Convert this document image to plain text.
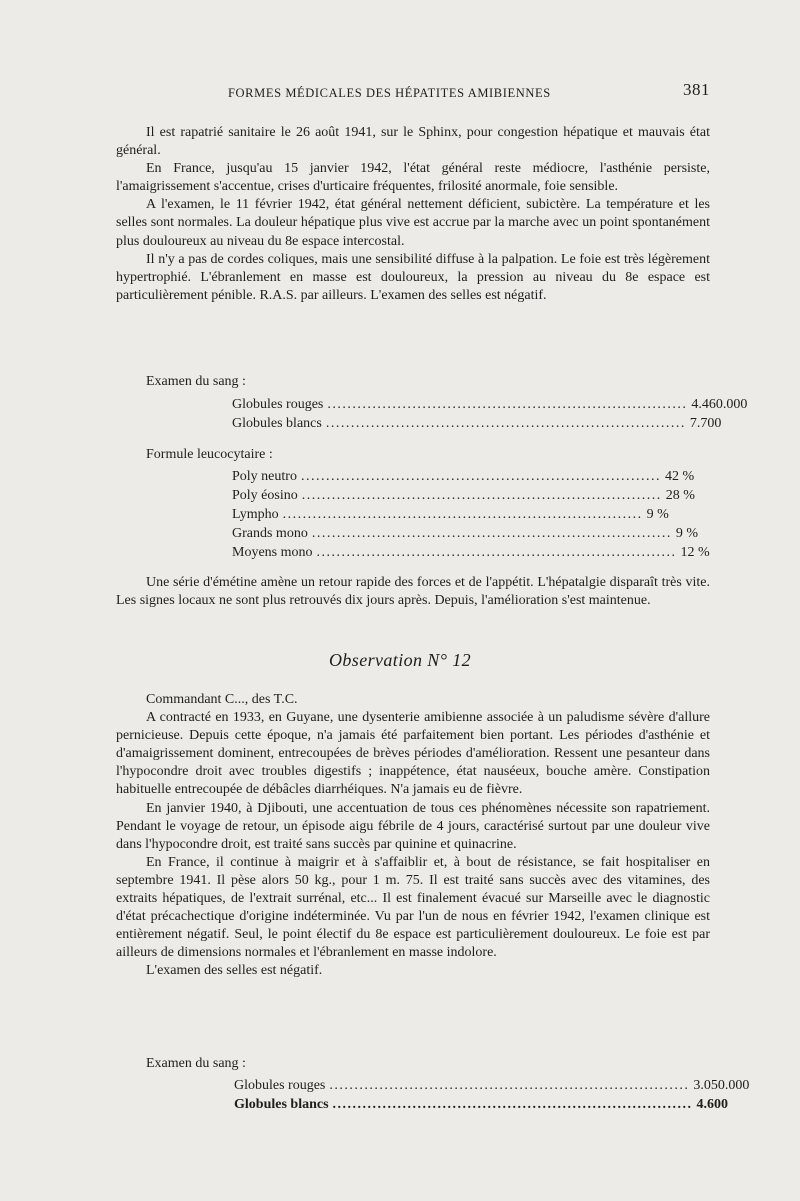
FORMES MÉDICALES DES HÉPATITES AMIBIENNES	381

Il est rapatrié sanitaire le 26 août 1941, sur le Sphinx, pour congestion hépatique et mauvais état général.

En France, jusqu'au 15 janvier 1942, l'état général reste médiocre, l'asthénie persiste, l'amaigrissement s'accentue, crises d'urticaire fréquentes, frilosité anormale, foie sensible.

A l'examen, le 11 février 1942, état général nettement déficient, subictère. La température et les selles sont normales. La douleur hépatique plus vive est accrue par la marche avec un point spontanément plus douloureux au niveau du 8e espace intercostal.

Il n'y a pas de cordes coliques, mais une sensibilité diffuse à la palpation. Le foie est très légèrement hypertrophié. L'ébranlement en masse est douloureux, la pression au niveau du 8e espace est particulièrement pénible. R.A.S. par ailleurs. L'examen des selles est négatif.

Examen du sang :
Globules rouges ........................................................................ 4.460.000
Globules blancs ........................................................................ 7.700
Formule leucocytaire :
Poly neutro ........................................................................ 42 %
Poly éosino ........................................................................ 28 %
Lympho ........................................................................ 9 %
Grands mono ........................................................................ 9 %
Moyens mono ........................................................................ 12 %

Une série d'émétine amène un retour rapide des forces et de l'appétit. L'hépatalgie disparaît très vite. Les signes locaux ne sont plus retrouvés dix jours après. Depuis, l'amélioration s'est maintenue.

Observation N° 12

Commandant C..., des T.C.

A contracté en 1933, en Guyane, une dysenterie amibienne associée à un paludisme sévère d'allure pernicieuse. Depuis cette époque, n'a jamais été parfaitement bien portant. Les périodes d'asthénie et d'amaigrissement dominent, entrecoupées de brèves périodes d'amélioration. Ressent une pesanteur dans l'hypocondre droit avec troubles digestifs ; inappétence, état nauséeux, bouche amère. Constipation habituelle entrecoupée de débâcles diarrhéiques. N'a jamais eu de fièvre.

En janvier 1940, à Djibouti, une accentuation de tous ces phénomènes nécessite son rapatriement. Pendant le voyage de retour, un épisode aigu fébrile de 4 jours, caractérisé surtout par une douleur vive dans l'hypocondre droit, est traité sans succès par quinine et quinacrine.

En France, il continue à maigrir et à s'affaiblir et, à bout de résistance, se fait hospitaliser en septembre 1941. Il pèse alors 50 kg., pour 1 m. 75. Il est traité sans succès avec des vitamines, des extraits hépatiques, de l'extrait surrénal, etc... Il est finalement évacué sur Marseille avec le diagnostic d'état précachectique d'origine indéterminée. Vu par l'un de nous en février 1942, l'examen clinique est entièrement négatif. Seul, le point électif du 8e espace est particulièrement douloureux. Le foie est par ailleurs de dimensions normales et l'ébranlement en masse indolore.

L'examen des selles est négatif.

Examen du sang :
Globules rouges ........................................................................ 3.050.000
Globules blancs ........................................................................ 4.600
